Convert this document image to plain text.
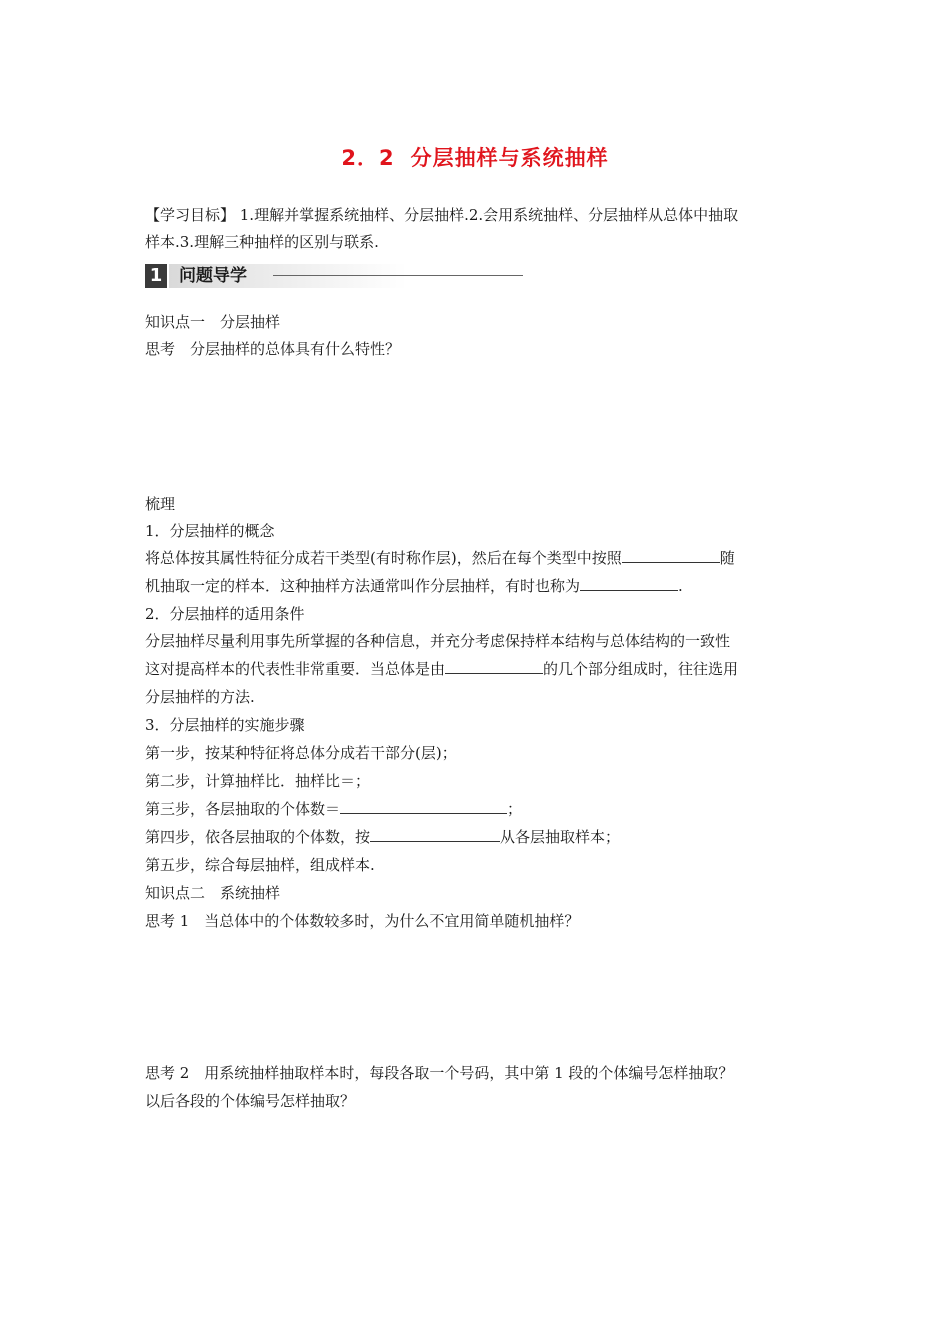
2．2 分层抽样与系统抽样
【学习目标】 1.理解并掌握系统抽样、分层抽样.2.会用系统抽样、分层抽样从总体中抽取
样本.3.理解三种抽样的区别与联系.
1 问题导学
知识点一　分层抽样
思考　分层抽样的总体具有什么特性？
梳理
1．分层抽样的概念
将总体按其属性特征分成若干类型(有时称作层)，然后在每个类型中按照	随
机抽取一定的样本．这种抽样方法通常叫作分层抽样，有时也称为	.
2．分层抽样的适用条件
分层抽样尽量利用事先所掌握的各种信息，并充分考虑保持样本结构与总体结构的一致性
这对提高样本的代表性非常重要．当总体是由	的几个部分组成时，往往选用
分层抽样的方法.
3．分层抽样的实施步骤
第一步，按某种特征将总体分成若干部分(层)；
第二步，计算抽样比．抽样比＝；
第三步，各层抽取的个体数＝	；
第四步，依各层抽取的个体数，按	从各层抽取样本；
第五步，综合每层抽样，组成样本.
知识点二　系统抽样
思考 1　当总体中的个体数较多时，为什么不宜用简单随机抽样？
思考 2　用系统抽样抽取样本时，每段各取一个号码，其中第 1 段的个体编号怎样抽取？
以后各段的个体编号怎样抽取？
